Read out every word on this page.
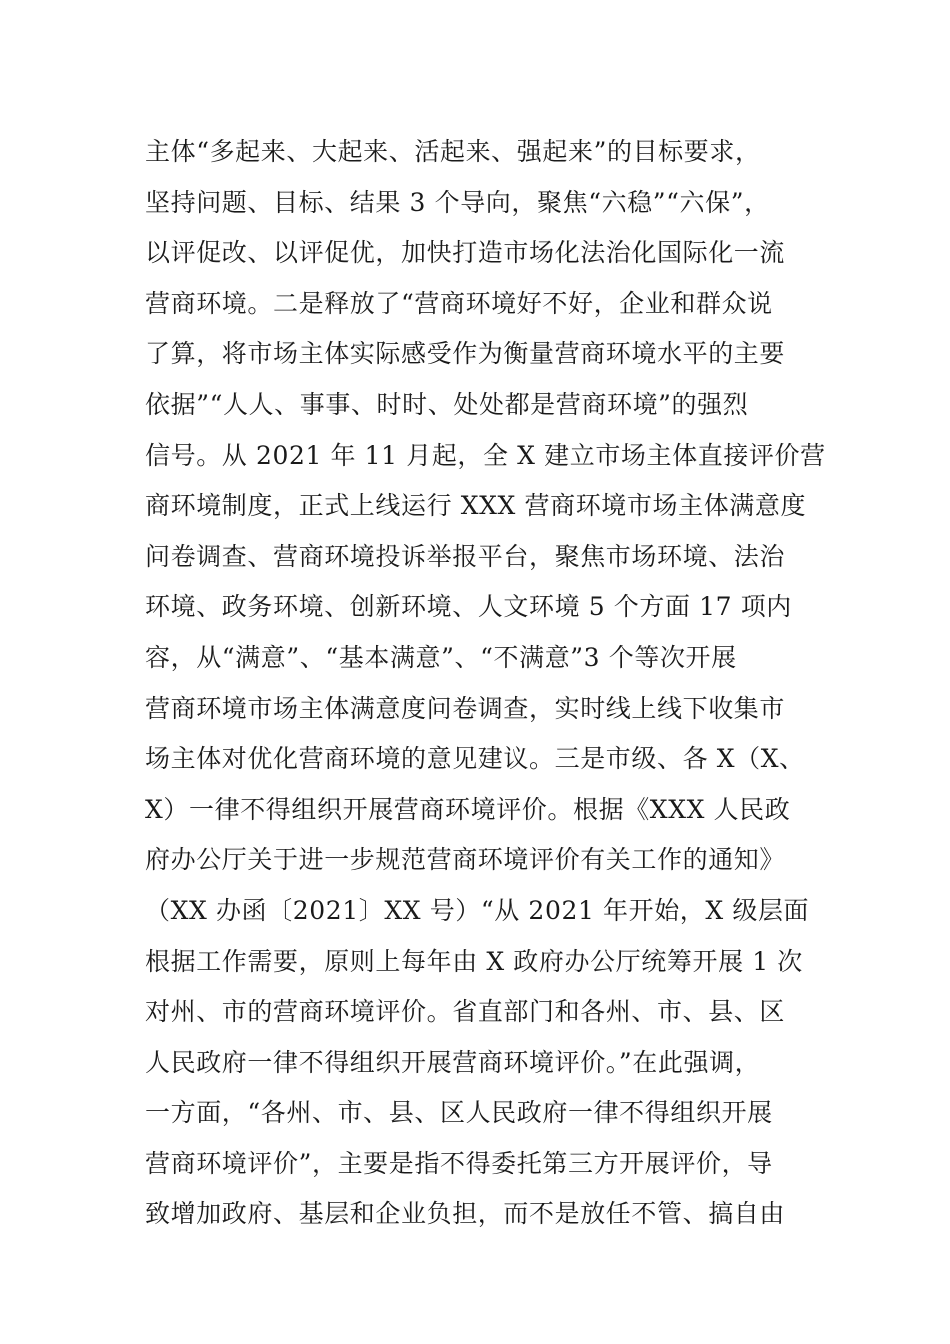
主体“多起来、大起来、活起来、强起来”的目标要求，
坚持问题、目标、结果 3 个导向，聚焦“六稳”“六保”，
以评促改、以评促优，加快打造市场化法治化国际化一流
营商环境。二是释放了“营商环境好不好，企业和群众说
了算，将市场主体实际感受作为衡量营商环境水平的主要
依据”“人人、事事、时时、处处都是营商环境”的强烈
信号。从 2021 年 11 月起，全 X 建立市场主体直接评价营
商环境制度，正式上线运行 XXX 营商环境市场主体满意度
问卷调查、营商环境投诉举报平台，聚焦市场环境、法治
环境、政务环境、创新环境、人文环境 5 个方面 17 项内
容，从“满意”、“基本满意”、“不满意”3 个等次开展
营商环境市场主体满意度问卷调查，实时线上线下收集市
场主体对优化营商环境的意见建议。三是市级、各 X（X、
X）一律不得组织开展营商环境评价。根据《XXX 人民政
府办公厅关于进一步规范营商环境评价有关工作的通知》
（XX 办函〔2021〕XX 号）“从 2021 年开始，X 级层面
根据工作需要，原则上每年由 X 政府办公厅统筹开展 1 次
对州、市的营商环境评价。省直部门和各州、市、县、区
人民政府一律不得组织开展营商环境评价。”在此强调，
一方面，“各州、市、县、区人民政府一律不得组织开展
营商环境评价”，主要是指不得委托第三方开展评价，导
致增加政府、基层和企业负担，而不是放任不管、搞自由
